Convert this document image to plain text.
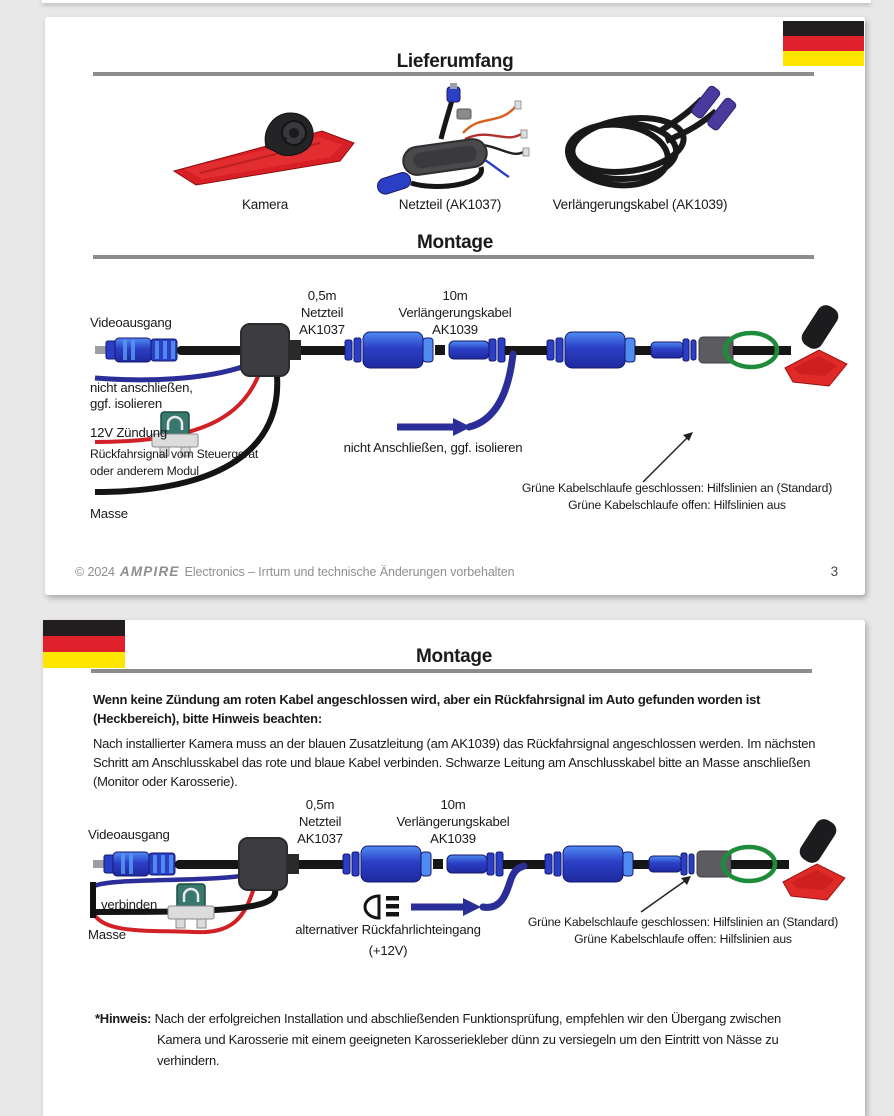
Lieferumfang
Kamera	Netzteil (AK1037)	Verlängerungskabel (AK1039)
Montage
0,5m
Netzteil
AK1037
10m
Verlängerungskabel
AK1039
Videoausgang
nicht Anschließen, ggf. isolieren
nicht anschließen,
ggf. isolieren
12V Zündung
Rückfahrsignal vom Steuergerät
oder anderem Modul
Masse
Grüne Kabelschlaufe geschlossen: Hilfslinien an (Standard)
Grüne Kabelschlaufe offen: Hilfslinien aus
© 2024 AMPIRE Electronics – Irrtum und technische Änderungen vorbehalten	3
Montage

Wenn keine Zündung am roten Kabel angeschlossen wird, aber ein Rückfahrsignal im Auto gefunden worden ist (Heckbereich), bitte Hinweis beachten:

Nach installierter Kamera muss an der blauen Zusatzleitung (am AK1039) das Rückfahrsignal angeschlossen werden. Im nächsten Schritt am Anschlusskabel das rote und blaue Kabel verbinden. Schwarze Leitung am Anschlusskabel bitte an Masse anschließen (Monitor oder Karosserie).

0,5m
Netzteil
AK1037
10m
Verlängerungskabel
AK1039
Videoausgang
verbinden
Masse	alternativer Rückfahrlichteingang
(+12V)
Grüne Kabelschlaufe geschlossen: Hilfslinien an (Standard)
Grüne Kabelschlaufe offen: Hilfslinien aus

*Hinweis: Nach der erfolgreichen Installation und abschließenden Funktionsprüfung, empfehlen wir den Übergang zwischen Kamera und Karosserie mit einem geeigneten Karosseriekleber dünn zu versiegeln um den Eintritt von Nässe zu verhindern.
